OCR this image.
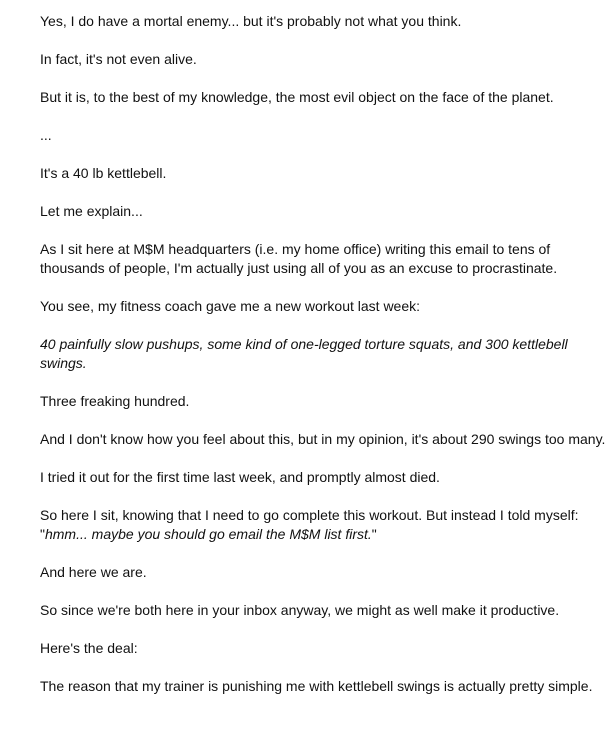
Yes, I do have a mortal enemy... but it's probably not what you think.

In fact, it's not even alive.

But it is, to the best of my knowledge, the most evil object on the face of the planet.

...

It's a 40 lb kettlebell.

Let me explain...

As I sit here at M$M headquarters (i.e. my home office) writing this email to tens of thousands of people, I'm actually just using all of you as an excuse to procrastinate.

You see, my fitness coach gave me a new workout last week:

40 painfully slow pushups, some kind of one-legged torture squats, and 300 kettlebell swings.

Three freaking hundred.

And I don't know how you feel about this, but in my opinion, it's about 290 swings too many.

I tried it out for the first time last week, and promptly almost died.

So here I sit, knowing that I need to go complete this workout. But instead I told myself: "hmm... maybe you should go email the M$M list first."

And here we are.

So since we're both here in your inbox anyway, we might as well make it productive.

Here's the deal:

The reason that my trainer is punishing me with kettlebell swings is actually pretty simple.
